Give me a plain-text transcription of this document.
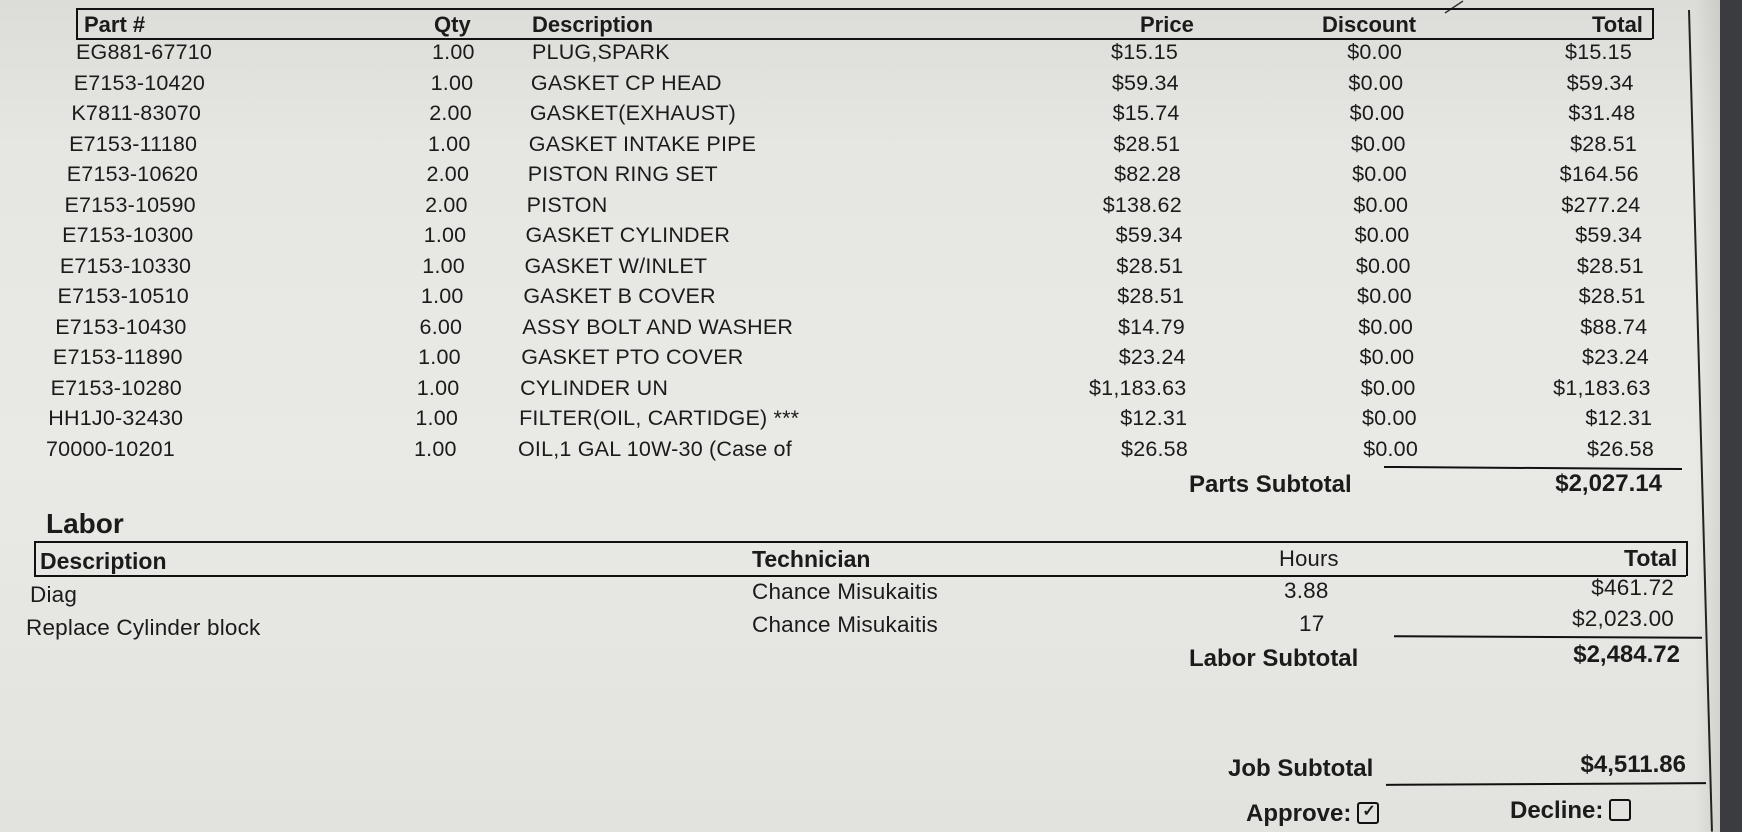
Part #	Qty	Description	Price	Discount	Total
EG881-67710	1.00	PLUG,SPARK	$15.15	$0.00	$15.15
E7153-10420	1.00	GASKET CP HEAD	$59.34	$0.00	$59.34
K7811-83070	2.00	GASKET(EXHAUST)	$15.74	$0.00	$31.48
E7153-11180	1.00	GASKET INTAKE PIPE	$28.51	$0.00	$28.51
E7153-10620	2.00	PISTON RING SET	$82.28	$0.00	$164.56
E7153-10590	2.00	PISTON	$138.62	$0.00	$277.24
E7153-10300	1.00	GASKET CYLINDER	$59.34	$0.00	$59.34
E7153-10330	1.00	GASKET W/INLET	$28.51	$0.00	$28.51
E7153-10510	1.00	GASKET B COVER	$28.51	$0.00	$28.51
E7153-10430	6.00	ASSY BOLT AND WASHER	$14.79	$0.00	$88.74
E7153-11890	1.00	GASKET PTO COVER	$23.24	$0.00	$23.24
E7153-10280	1.00	CYLINDER UN	$1,183.63	$0.00	$1,183.63
HH1J0-32430	1.00	FILTER(OIL, CARTIDGE) ***	$12.31	$0.00	$12.31
70000-10201	1.00	OIL,1 GAL 10W-30 (Case of	$26.58	$0.00	$26.58
Parts Subtotal	$2,027.14
Labor
Description	Technician	Hours	Total
Diag	Chance Misukaitis	3.88	$461.72
Replace Cylinder block	Chance Misukaitis	17	$2,023.00
Labor Subtotal	$2,484.72
Job Subtotal	$4,511.86
Approve: ✓	Decline:
